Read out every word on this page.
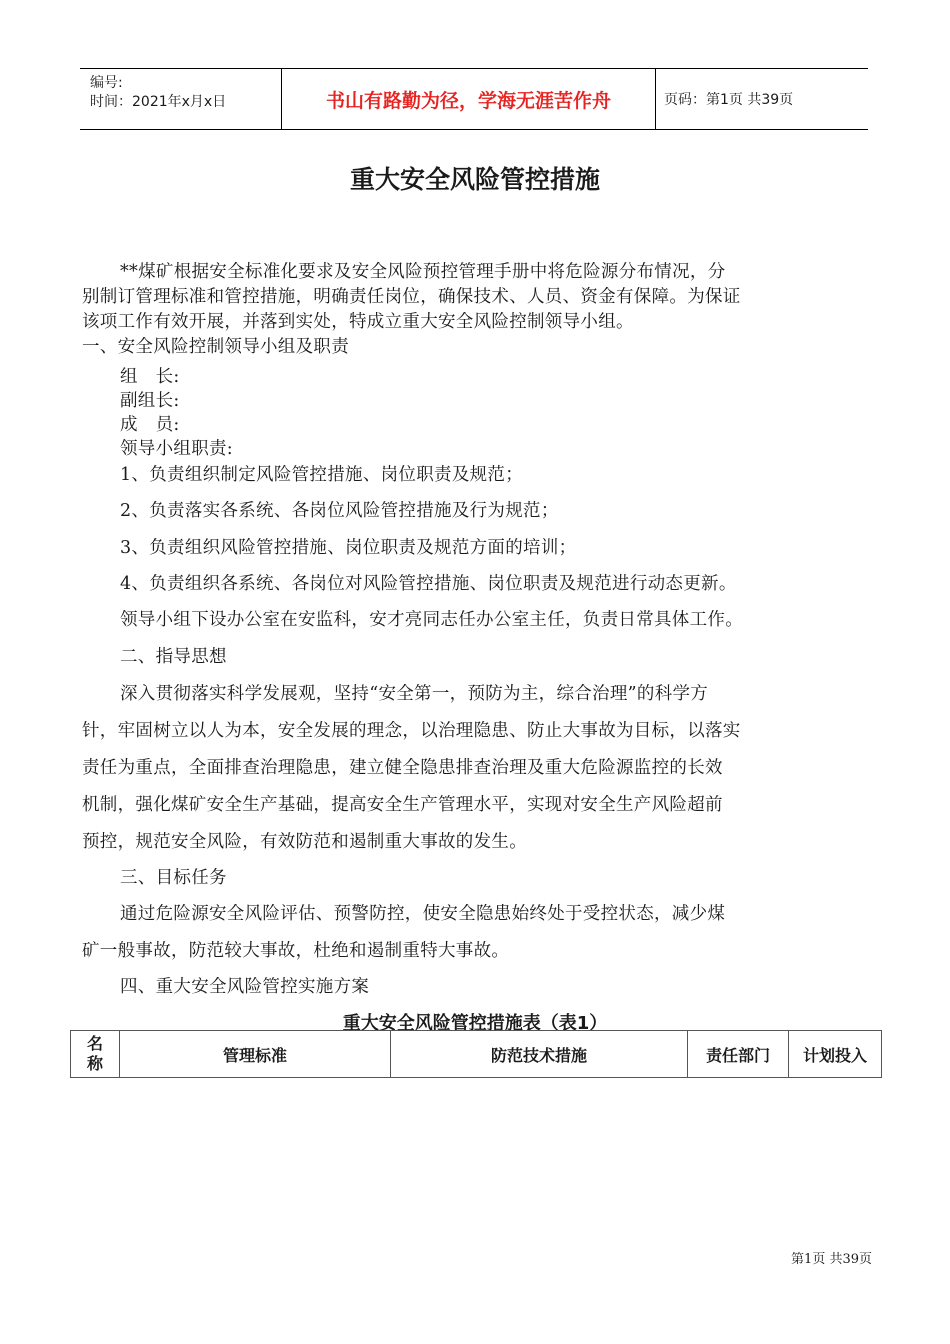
编号:
时间：2021年x月x日	书山有路勤为径，学海无涯苦作舟	页码：第1页 共39页
重大安全风险管控措施
**煤矿根据安全标准化要求及安全风险预控管理手册中将危险源分布情况，分
别制订管理标准和管控措施，明确责任岗位，确保技术、人员、资金有保障。为保证
该项工作有效开展，并落到实处，特成立重大安全风险控制领导小组。
一、安全风险控制领导小组及职责
组　长:
副组长:
成　员:
领导小组职责:
1、负责组织制定风险管控措施、岗位职责及规范；
2、负责落实各系统、各岗位风险管控措施及行为规范；
3、负责组织风险管控措施、岗位职责及规范方面的培训；
4、负责组织各系统、各岗位对风险管控措施、岗位职责及规范进行动态更新。
领导小组下设办公室在安监科，安才亮同志任办公室主任，负责日常具体工作。
二、指导思想
深入贯彻落实科学发展观，坚持“安全第一，预防为主，综合治理”的科学方
针，牢固树立以人为本，安全发展的理念，以治理隐患、防止大事故为目标，以落实
责任为重点，全面排查治理隐患，建立健全隐患排查治理及重大危险源监控的长效
机制，强化煤矿安全生产基础，提高安全生产管理水平，实现对安全生产风险超前
预控，规范安全风险，有效防范和遏制重大事故的发生。
三、目标任务
通过危险源安全风险评估、预警防控，使安全隐患始终处于受控状态，减少煤
矿一般事故，防范较大事故，杜绝和遏制重特大事故。
四、重大安全风险管控实施方案
重大安全风险管控措施表（表1）
名
称	管理标准	防范技术措施	责任部门	计划投入
第1页 共39页
